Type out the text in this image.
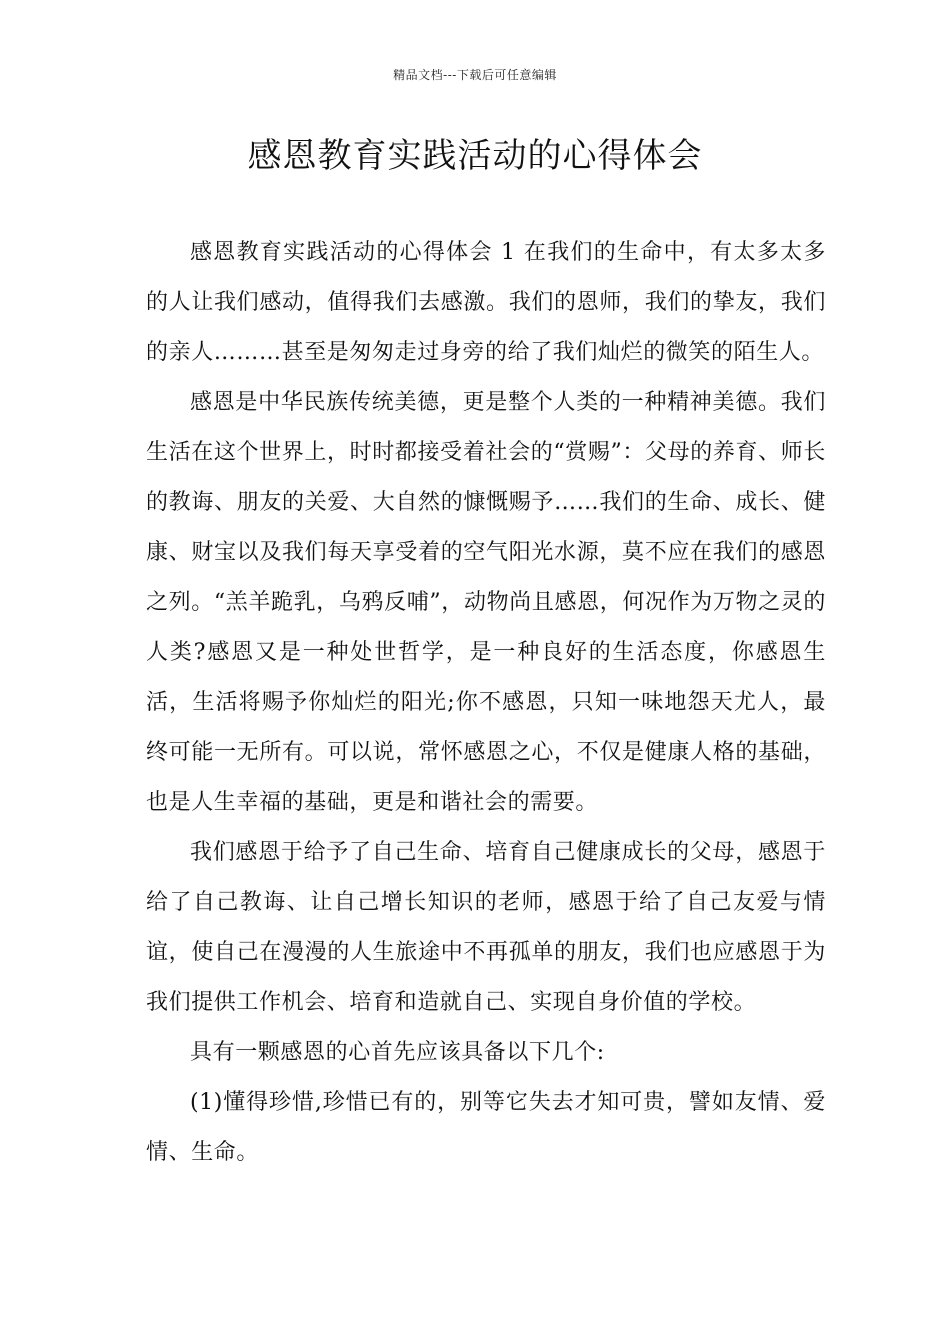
精品文档---下载后可任意编辑
感恩教育实践活动的心得体会

感恩教育实践活动的心得体会 1 在我们的生命中，有太多太多的人让我们感动，值得我们去感激。我们的恩师，我们的挚友，我们的亲人………甚至是匆匆走过身旁的给了我们灿烂的微笑的陌生人。

感恩是中华民族传统美德，更是整个人类的一种精神美德。我们生活在这个世界上，时时都接受着社会的“赏赐”：父母的养育、师长的教诲、朋友的关爱、大自然的慷慨赐予……我们的生命、成长、健康、财宝以及我们每天享受着的空气阳光水源，莫不应在我们的感恩之列。“羔羊跪乳，乌鸦反哺”，动物尚且感恩，何况作为万物之灵的人类?感恩又是一种处世哲学，是一种良好的生活态度，你感恩生活，生活将赐予你灿烂的阳光;你不感恩，只知一味地怨天尤人，最终可能一无所有。可以说，常怀感恩之心，不仅是健康人格的基础，也是人生幸福的基础，更是和谐社会的需要。

我们感恩于给予了自己生命、培育自己健康成长的父母，感恩于给了自己教诲、让自己增长知识的老师，感恩于给了自己友爱与情谊，使自己在漫漫的人生旅途中不再孤单的朋友，我们也应感恩于为我们提供工作机会、培育和造就自己、实现自身价值的学校。

具有一颗感恩的心首先应该具备以下几个:

(1)懂得珍惜,珍惜已有的，别等它失去才知可贵，譬如友情、爱情、生命。
